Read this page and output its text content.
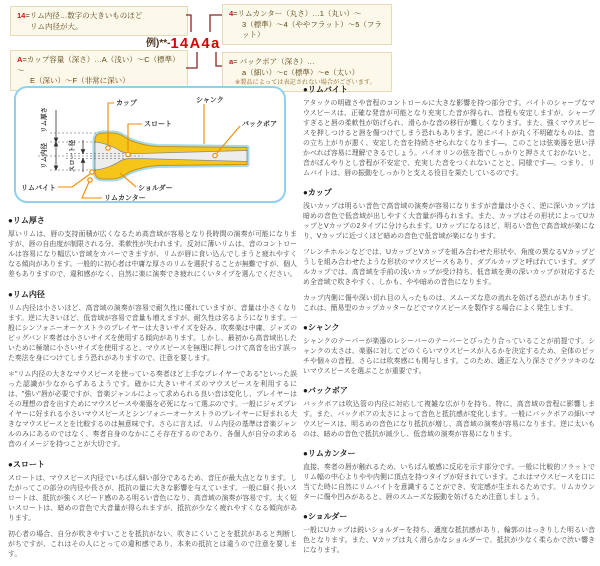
14=リム内径…数字の大きいものほど
リム内径が大。
A=カップ容量（深さ）…A（浅い）～C（標準）～
E（深い）～F（非常に深い）
4=リムカンター（丸さ）…1（丸い）～
3（標準）～4（ややフラット）～5（フラット）
a= バックボア（深さ）…
a（細い）～c（標準）～e（太い）
※製品によっては表記されない場合がございます。
例)**-14A4a
リム厚さ
リム内径	スロート径
カップ
スロート
シャンク
バックボア
リムバイト	ショルダー
リムカンター
●リム厚さ

厚いリムは、唇の支持面積が広くなるため高音域が容易となり長時間の演奏が可能になりますが、唇の自由度が制限される分、柔軟性が失われます。反対に薄いリムは、音のコントロールは容易になり幅広い音域をカバーできますが、リムが唇に食い込んでしまうと疲れやすくなる傾向があります。一般的に初心者は中庸な厚さのリムを選択することが無難ですが、個人差もありますので、違和感がなく、自然に楽に演奏でき疲れにくいタイプを選んでください。

●リム内径

リム内径は小さいほど、高音域の演奏が容易で耐久性に優れていますが、音量は小さくなります。逆に大きいほど、低音域が容易で音量も増えますが、耐久性は劣るようになります。一般にシンフォニーオーケストラのプレイヤーは大きいサイズを好み、吹奏楽は中庸、ジャズのビッグバンド奏者は小さいサイズを使用する傾向があります。しかし、最初から高音域出したいために極端に小さいサイズを使用すると、マウスピースを無理に押しつけて高音を出す誤った奏法を身につけてしまう恐れがありますので、注意を要します。

＊"リム内径の大きなマウスピースを使っている奏者ほど上手なプレイヤーである"といった誤った認識が少なからずあるようです。確かに大きいサイズのマウスピースを利用するには、"強い"唇が必要ですが、音楽ジャンルによって求められる良い音は変化し、プレイヤーはその理想の音を出すためにマウスピースや楽器を必死になって選ぶのです。一般にジャズプレイヤーに好まれる小さいマウスピースとシンフォニーオーケストラのプレイヤーに好まれる大きなマウスピースとを比較するのは無意味です。さらに言えば、リム内径の基準は音楽ジャンルのみにあるのではなく、奏者自身のなかにこそ存在するのであり、各個人が自分の求める音のイメージを持つことが大切です。

●スロート

スロートは、マウスピース内径でいちばん細い部分であるため、音圧が最大点となります。したがってこの部分の内径や長さが、抵抗の量に大きな影響を与えています。一般に細く長いスロートは、抵抗が強くスピード感のある明るい音色になり、高音域の演奏が容易です。太く短いスロートは、暗めの音色で大音量が得られますが、抵抗が少なく疲れやすくなる傾向があります。

初心者の場合、自分が吹きやすいことを抵抗がない、吹きにくいことを抵抗があると判断しがちですが、これはその人にとっての違和感であり、本来の抵抗とは違うので注意を要します。

●リムバイト

アタックの明確さや音程のコントロールに大きな影響を持つ部分です。バイトのシャープなマウスピースは、正確な発音が可能となり充実した音が得られ、音程も安定しますが、シャープすぎると唇の柔軟性が妨げられ、滑らかな音の移行が難しくなります。また、強くマウスピースを押しつけると唇を傷つけてしまう恐れもあります。逆にバイトが丸く不明確なものは、音の立ち上がりが悪く、安定した音を持続させられなくなります―。このことは弦楽器を思い浮かべれば容易に理解できるでしょう。バイオリンの弦を指でしっかりと押さえておかないと、音がぼんやりとし音程が不安定で、充実した音をつくれないことと、同様です―。つまり、リムバイトは、唇の振動をしっかりと支える役目を果たしているのです。

●カップ

浅いカップは明るい音色で高音域の演奏が容易になりますが音量は小さく、逆に深いカップは暗めの音色で低音域が出しやすく大音量が得られます。また、カップはその形状によってUカップとVカップの2タイプに分けられます。Uカップになるほど、明るい音色で高音域が楽になり、Vカップに近づくほど暗めの音色で低音域が楽になります。

フレンチホルンなどでは、UカップとVカップを組み合わせた形状や、角度の異なるVカップどうしを組み合わせたような形状のマウスピースもあり、ダブルカップと呼ばれています。ダブルカップでは、高音域を手前の浅いカップが受け持ち、低音域を奥の深いカップが対応するため全音域で吹きやすく、しかも、やや暗めの音色になります。

カップ内側に傷や深い切れ目の入ったものは、スムーズな息の流れを妨げる恐れがあります。これは、簡易型のカップカッターなどでマウスピースを製作する場合によく発生します。

●シャンク

シャンクのテーパーが楽器のレシーバーのテーパーとぴったり合っていることが前提です。シャンクの太さは、楽器に対してどのくらいマウスピースが入るかを決定するため、全体のピッチや個々の音程、さらには吹奏感にも関与します。このため、適正な入り深さでグラツキのないマウスピースを選ぶことが重要です。

●バックボア

バックボアは吹込管の内径に対応して複雑な広がりを持ち、特に、高音域の音程に影響します。また、バックボアの太さによって音色と抵抗感が変化します。一般にバックボアの細いマウスピースは、明るめの音色になり抵抗が増し、高音域の演奏が容易になります。逆に太いものは、暗めの音色で抵抗が減少し、低音域の演奏が容易になります。

●リムカンター

直接、奏者の唇が触れるため、いちばん敏感に反応を示す部分です。一般に比較的フラットでリム幅の中心よりやや内側に頂点を持つタイプが好まれています。これはマウスピースを口に当てた時に自然にリムバイトを意識することができ、安定感が生まれるためです。リムカウンターに傷や凹みがあると、唇のスムーズな振動を妨げるため注意しましょう。

●ショルダー

一般にUカップは鋭いショルダーを持ち、適度な抵抗感があり、輪郭のはっきりした明るい音色となります。また、Vカップは丸く滑らかなショルダーで、抵抗が少なく柔らかで渋い響きになります。
